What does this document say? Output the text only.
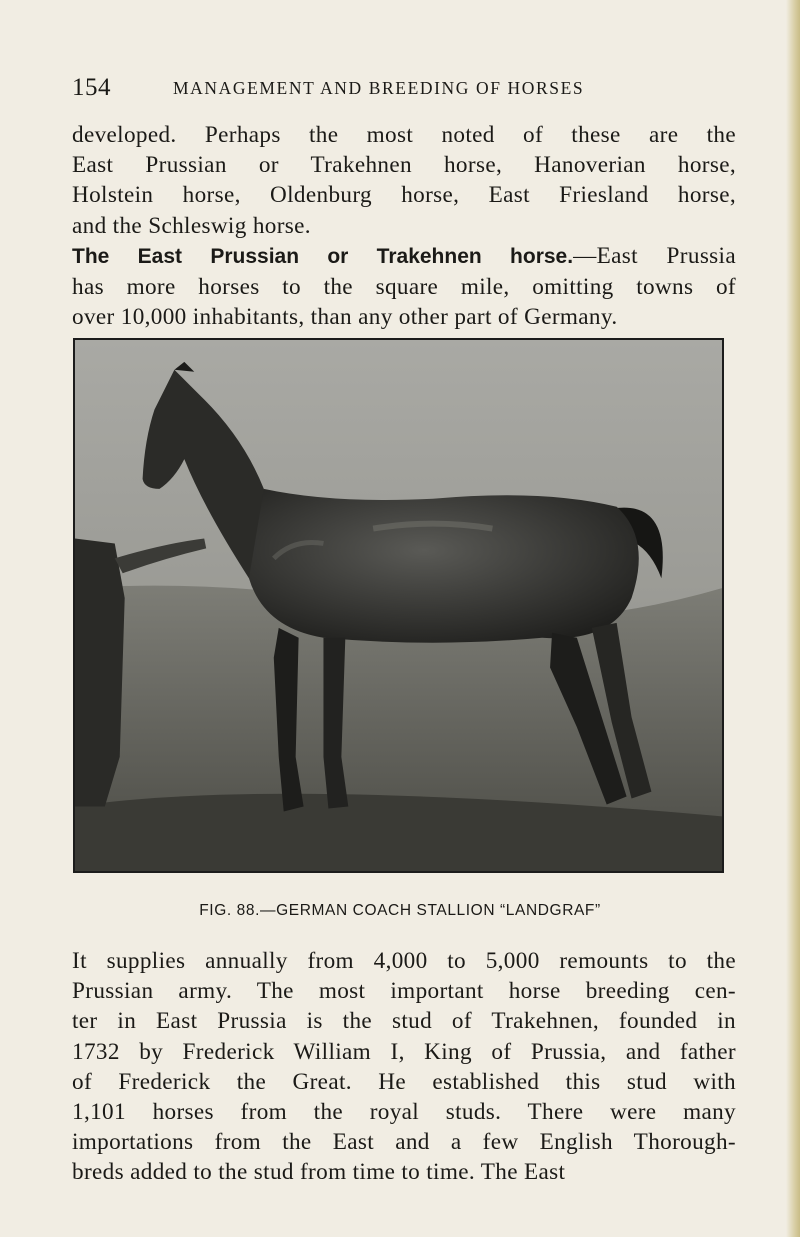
154	MANAGEMENT AND BREEDING OF HORSES

developed. Perhaps the most noted of these are the
East Prussian or Trakehnen horse, Hanoverian horse,
Holstein horse, Oldenburg horse, East Friesland horse,
and the Schleswig horse.

The East Prussian or Trakehnen horse.—East Prussia
has more horses to the square mile, omitting towns of
over 10,000 inhabitants, than any other part of Germany.

FIG. 88.—GERMAN COACH STALLION “LANDGRAF”

It supplies annually from 4,000 to 5,000 remounts to the
Prussian army. The most important horse breeding cen-
ter in East Prussia is the stud of Trakehnen, founded in
1732 by Frederick William I, King of Prussia, and father
of Frederick the Great. He established this stud with
1,101 horses from the royal studs. There were many
importations from the East and a few English Thorough-
breds added to the stud from time to time. The East
